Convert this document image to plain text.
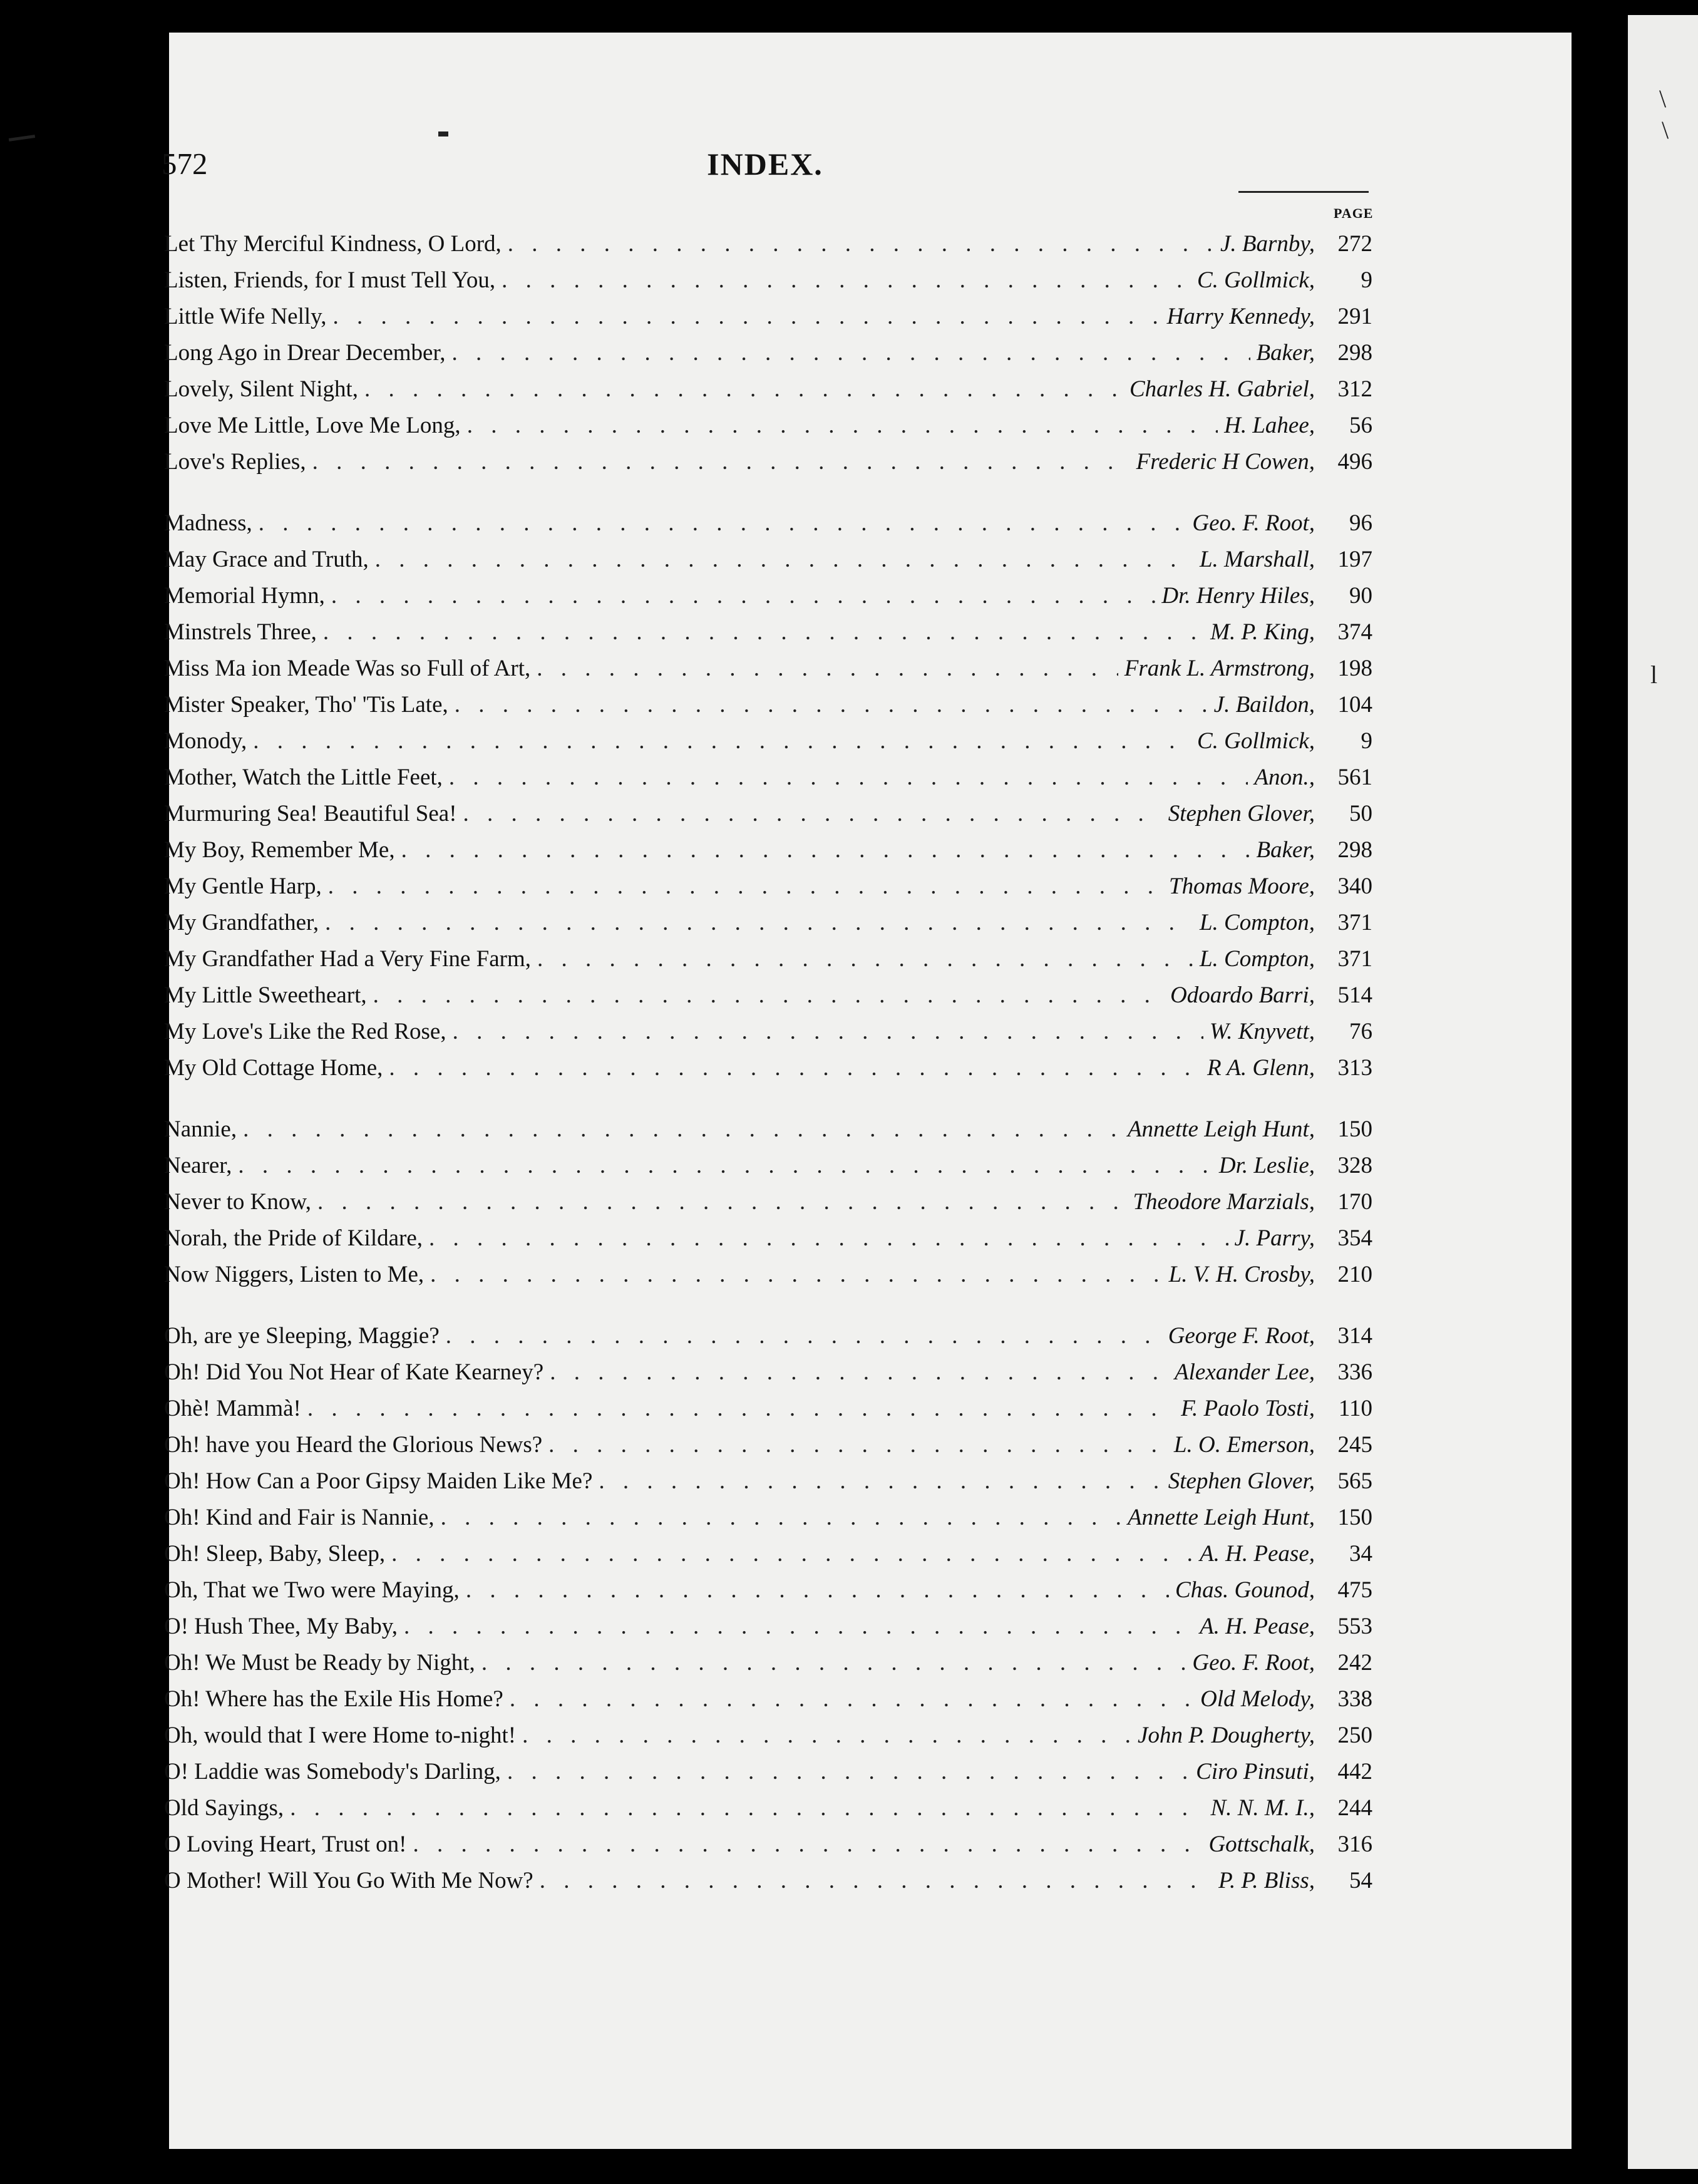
\
\
l
572	INDEX.
PAGE
Let Thy Merciful Kindness, O Lord, . . .	J. Barnby, 272
Listen, Friends, for I must Tell You, . . .	C. Gollmick,	9
Little Wife Nelly, . . .	Harry Kennedy, 291
Long Ago in Drear December, . . .	Baker, 298
Lovely, Silent Night, . . .	Charles H. Gabriel, 312
Love Me Little, Love Me Long, . . .	H. Lahee,	56
Love's Replies, . . .	Frederic H Cowen, 496
Madness, . . .	Geo. F. Root,	96
May Grace and Truth, . . .	L. Marshall, 197
Memorial Hymn, . . .	Dr. Henry Hiles,	90
Minstrels Three, . . .	M. P. King, 374
Miss Ma ion Meade Was so Full of Art, . . .	Frank L. Armstrong, 198
Mister Speaker, Tho' 'Tis Late, . . .	J. Baildon, 104
Monody, . . .	C. Gollmick,	9
Mother, Watch the Little Feet, . . .	Anon., 561
Murmuring Sea! Beautiful Sea! . . .	Stephen Glover,	50
My Boy, Remember Me, . . .	Baker, 298
My Gentle Harp, . . .	Thomas Moore, 340
My Grandfather, . . .	L. Compton, 371
My Grandfather Had a Very Fine Farm, . . .	L. Compton, 371
My Little Sweetheart, . . .	Odoardo Barri, 514
My Love's Like the Red Rose, . . .	W. Knyvett,	76
My Old Cottage Home, . . .	R A. Glenn, 313
Nannie, . . .	Annette Leigh Hunt, 150
Nearer, . . .	Dr. Leslie, 328
Never to Know, . . .	Theodore Marzials, 170
Norah, the Pride of Kildare, . . .	J. Parry, 354
Now Niggers, Listen to Me, . . .	L. V. H. Crosby, 210
Oh, are ye Sleeping, Maggie? . . .	George F. Root, 314
Oh! Did You Not Hear of Kate Kearney? . . .	Alexander Lee, 336
Ohè! Mammà! . . .	F. Paolo Tosti,	110
Oh! have you Heard the Glorious News? . . .	L. O. Emerson, 245
Oh! How Can a Poor Gipsy Maiden Like Me? . . .	Stephen Glover, 565
Oh! Kind and Fair is Nannie, . . .	Annette Leigh Hunt, 150
Oh! Sleep, Baby, Sleep, . . .	A. H. Pease,	34
Oh, That we Two were Maying, . . .	Chas. Gounod, 475
O! Hush Thee, My Baby, . . .	A. H. Pease, 553
Oh! We Must be Ready by Night, . . .	Geo. F. Root, 242
Oh! Where has the Exile His Home? . . .	Old Melody, 338
Oh, would that I were Home to-night! . . .	John P. Dougherty, 250
O! Laddie was Somebody's Darling, . . .	Ciro Pinsuti, 442
Old Sayings, . . .	N. N. M. I., 244
O Loving Heart, Trust on! . . .	Gottschalk, 316
O Mother! Will You Go With Me Now? . . .	P. P. Bliss,	54
